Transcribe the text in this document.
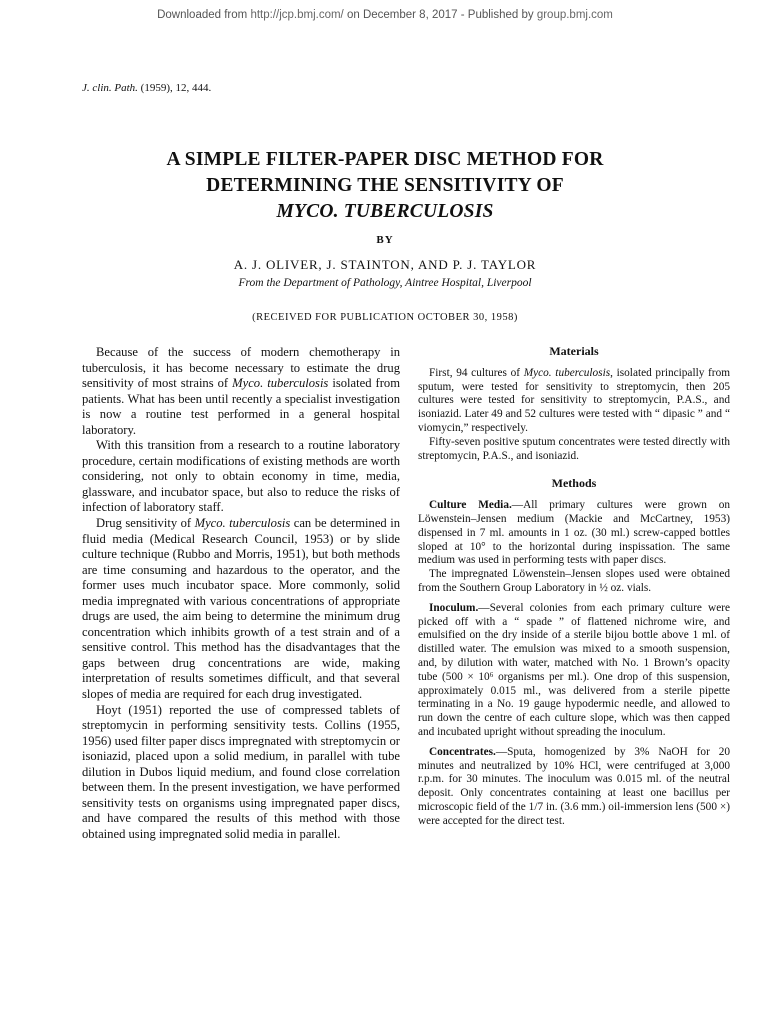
Downloaded from http://jcp.bmj.com/ on December 8, 2017 - Published by group.bmj.com
J. clin. Path. (1959), 12, 444.
A SIMPLE FILTER-PAPER DISC METHOD FOR
DETERMINING THE SENSITIVITY OF
MYCO. TUBERCULOSIS
BY
A. J. OLIVER, J. STAINTON, AND P. J. TAYLOR
From the Department of Pathology, Aintree Hospital, Liverpool
(RECEIVED FOR PUBLICATION OCTOBER 30, 1958)

Because of the success of modern chemotherapy in tuberculosis, it has become necessary to estimate the drug sensitivity of most strains of Myco. tuberculosis isolated from patients. What has been until recently a specialist investigation is now a routine test performed in a general hospital laboratory.

With this transition from a research to a routine laboratory procedure, certain modifications of existing methods are worth considering, not only to obtain economy in time, media, glassware, and incubator space, but also to reduce the risks of infection of laboratory staff.

Drug sensitivity of Myco. tuberculosis can be determined in fluid media (Medical Research Council, 1953) or by slide culture technique (Rubbo and Morris, 1951), but both methods are time consuming and hazardous to the operator, and the former uses much incubator space. More commonly, solid media impregnated with various concentrations of appropriate drugs are used, the aim being to determine the minimum drug concentration which inhibits growth of a test strain and of a sensitive control. This method has the disadvantages that the gaps between drug concentrations are wide, making interpretation of results sometimes difficult, and that several slopes of media are required for each drug investigated.

Hoyt (1951) reported the use of compressed tablets of streptomycin in performing sensitivity tests. Collins (1955, 1956) used filter paper discs impregnated with streptomycin or isoniazid, placed upon a solid medium, in parallel with tube dilution in Dubos liquid medium, and found close correlation between them. In the present investigation, we have performed sensitivity tests on organisms using impregnated paper discs, and have compared the results of this method with those obtained using impregnated solid media in parallel.

Materials

First, 94 cultures of Myco. tuberculosis, isolated principally from sputum, were tested for sensitivity to streptomycin, then 205 cultures were tested for sensitivity to streptomycin, P.A.S., and isoniazid. Later 49 and 52 cultures were tested with “ dipasic ” and “ viomycin,” respectively.

Fifty-seven positive sputum concentrates were tested directly with streptomycin, P.A.S., and isoniazid.

Methods

Culture Media.—All primary cultures were grown on Löwenstein–Jensen medium (Mackie and McCartney, 1953) dispensed in 7 ml. amounts in 1 oz. (30 ml.) screw-capped bottles sloped at 10° to the horizontal during inspissation. The same medium was used in performing tests with paper discs.

The impregnated Löwenstein–Jensen slopes used were obtained from the Southern Group Laboratory in ½ oz. vials.

Inoculum.—Several colonies from each primary culture were picked off with a “ spade ” of flattened nichrome wire, and emulsified on the dry inside of a sterile bijou bottle above 1 ml. of distilled water. The emulsion was mixed to a smooth suspension, and, by dilution with water, matched with No. 1 Brown’s opacity tube (500 × 10⁶ organisms per ml.). One drop of this suspension, approximately 0.015 ml., was delivered from a sterile pipette terminating in a No. 19 gauge hypodermic needle, and allowed to run down the centre of each culture slope, which was then capped and incubated upright without spreading the inoculum.

Concentrates.—Sputa, homogenized by 3% NaOH for 20 minutes and neutralized by 10% HCl, were centrifuged at 3,000 r.p.m. for 30 minutes. The inoculum was 0.015 ml. of the neutral deposit. Only concentrates containing at least one bacillus per microscopic field of the 1/7 in. (3.6 mm.) oil-immersion lens (500 ×) were accepted for the direct test.
